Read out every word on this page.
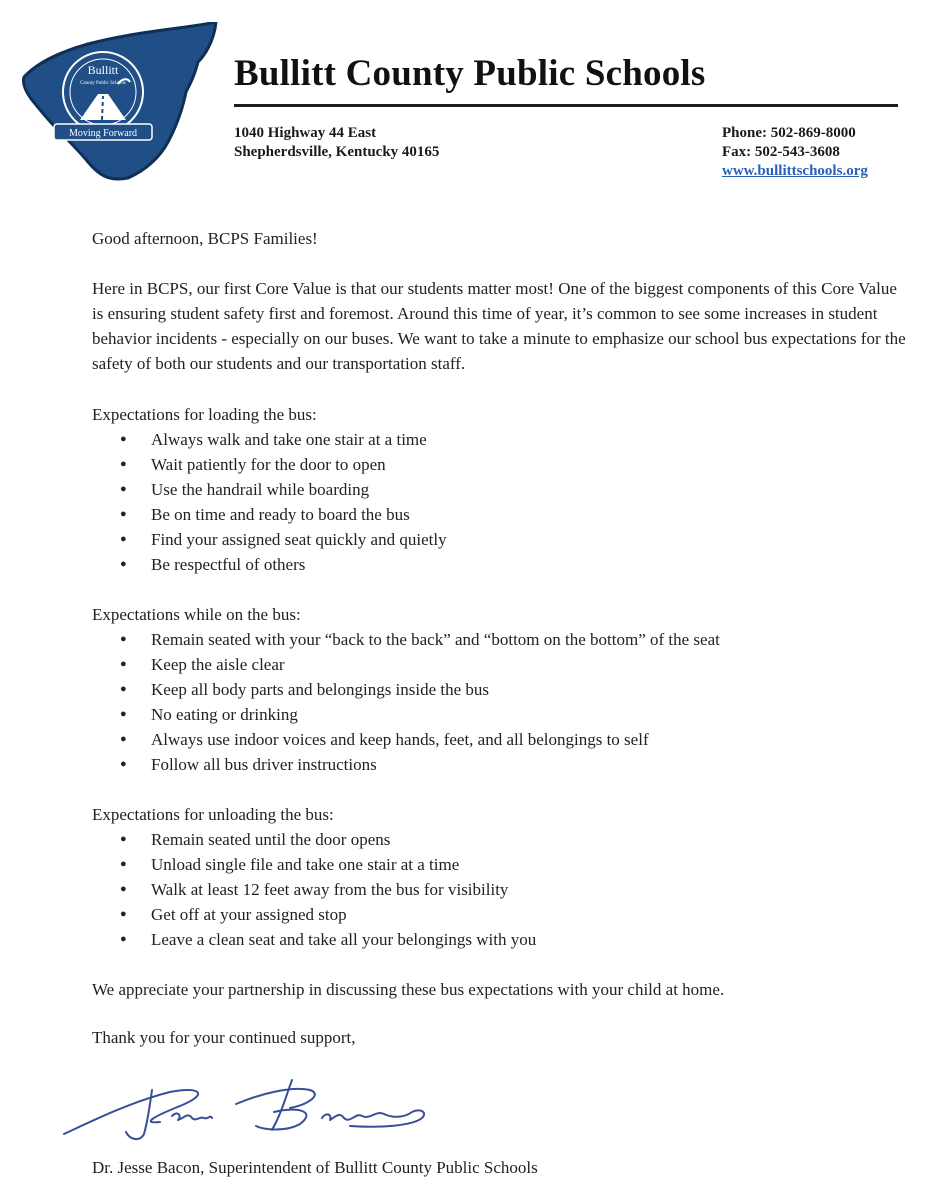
Bullitt
County Public Schools
Moving Forward
Bullitt County Public Schools
1040 Highway 44 East
Shepherdsville, Kentucky 40165
Phone: 502-869-8000
Fax: 502-543-3608
www.bullittschools.org

Good afternoon, BCPS Families!

Here in BCPS, our first Core Value is that our students matter most! One of the biggest components of this Core Value is ensuring student safety first and foremost. Around this time of year, it’s common to see some increases in student behavior incidents - especially on our buses. We want to take a minute to emphasize our school bus expectations for the safety of both our students and our transportation staff.

Expectations for loading the bus:
● Always walk and take one stair at a time
● Wait patiently for the door to open
● Use the handrail while boarding
● Be on time and ready to board the bus
● Find your assigned seat quickly and quietly
● Be respectful of others
Expectations while on the bus:
● Remain seated with your “back to the back” and “bottom on the bottom” of the seat
● Keep the aisle clear
● Keep all body parts and belongings inside the bus
● No eating or drinking
● Always use indoor voices and keep hands, feet, and all belongings to self
● Follow all bus driver instructions
Expectations for unloading the bus:
● Remain seated until the door opens
● Unload single file and take one stair at a time
● Walk at least 12 feet away from the bus for visibility
● Get off at your assigned stop
● Leave a clean seat and take all your belongings with you

We appreciate your partnership in discussing these bus expectations with your child at home.

Thank you for your continued support,

Dr. Jesse Bacon, Superintendent of Bullitt County Public Schools
